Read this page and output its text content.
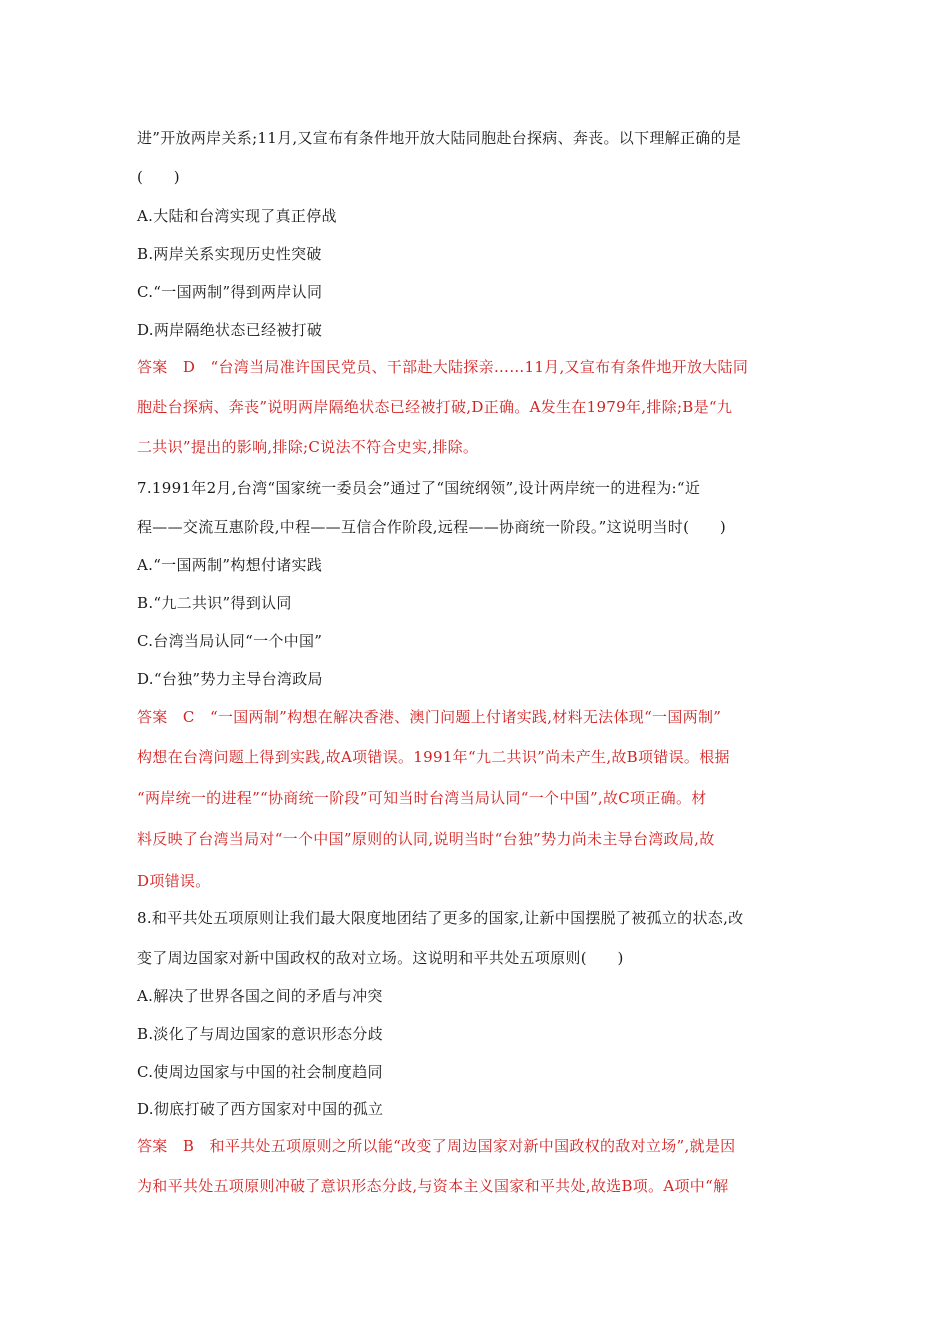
进”开放两岸关系;11月,又宣布有条件地开放大陆同胞赴台探病、奔丧。以下理解正确的是
(　　)
A.大陆和台湾实现了真正停战
B.两岸关系实现历史性突破
C.“一国两制”得到两岸认同
D.两岸隔绝状态已经被打破
答案　D　“台湾当局准许国民党员、干部赴大陆探亲……11月,又宣布有条件地开放大陆同
胞赴台探病、奔丧”说明两岸隔绝状态已经被打破,D正确。A发生在1979年,排除;B是“九
二共识”提出的影响,排除;C说法不符合史实,排除。
7.1991年2月,台湾“国家统一委员会”通过了“国统纲领”,设计两岸统一的进程为:“近
程——交流互惠阶段,中程——互信合作阶段,远程——协商统一阶段。”这说明当时(　　)
A.“一国两制”构想付诸实践
B.“九二共识”得到认同
C.台湾当局认同“一个中国”
D.“台独”势力主导台湾政局
答案　C　“一国两制”构想在解决香港、澳门问题上付诸实践,材料无法体现“一国两制”
构想在台湾问题上得到实践,故A项错误。1991年“九二共识”尚未产生,故B项错误。根据
“两岸统一的进程”“协商统一阶段”可知当时台湾当局认同“一个中国”,故C项正确。材
料反映了台湾当局对“一个中国”原则的认同,说明当时“台独”势力尚未主导台湾政局,故
D项错误。
8.和平共处五项原则让我们最大限度地团结了更多的国家,让新中国摆脱了被孤立的状态,改
变了周边国家对新中国政权的敌对立场。这说明和平共处五项原则(　　)
A.解决了世界各国之间的矛盾与冲突
B.淡化了与周边国家的意识形态分歧
C.使周边国家与中国的社会制度趋同
D.彻底打破了西方国家对中国的孤立
答案　B　和平共处五项原则之所以能“改变了周边国家对新中国政权的敌对立场”,就是因
为和平共处五项原则冲破了意识形态分歧,与资本主义国家和平共处,故选B项。A项中“解
